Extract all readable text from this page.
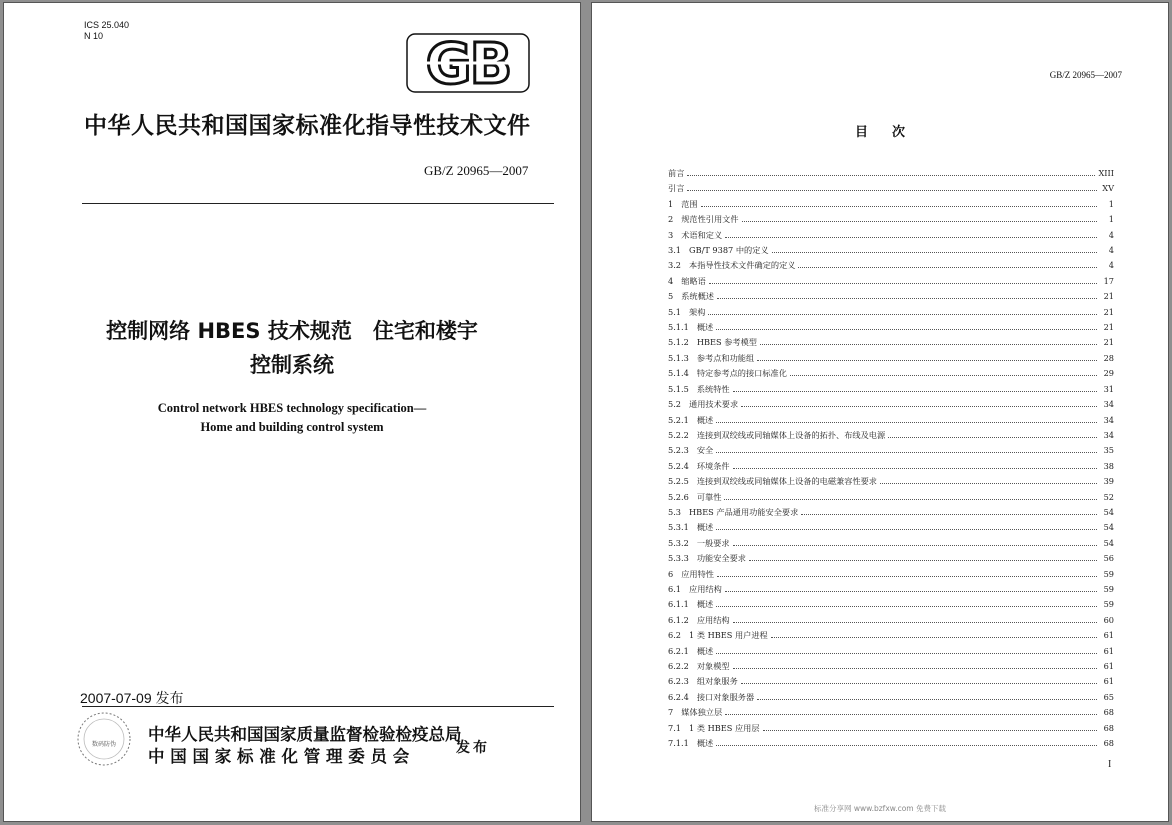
ICS 25.040
N 10	GB
中华人民共和国国家标准化指导性技术文件
GB/Z 20965—2007
控制网络 HBES 技术规范　住宅和楼宇
控制系统
Control network HBES technology specification—
Home and building control system
2007-07-09 发布
数码防伪
中华人民共和国国家质量监督检验检疫总局
中 国 国 家 标 准 化 管 理 委 员 会	发布
GB/Z 20965—2007
目 次
前言	XIII
引言	XV
1 范围	1
2 规范性引用文件	1
3 术语和定义	4
3.1 GB/T 9387 中的定义	4
3.2 本指导性技术文件确定的定义	4
4 缩略语	17
5 系统概述	21
5.1 架构	21
5.1.1 概述	21
5.1.2 HBES 参考模型	21
5.1.3 参考点和功能组	28
5.1.4 特定参考点的接口标准化	29
5.1.5 系统特性	31
5.2 通用技术要求	34
5.2.1 概述	34
5.2.2 连接到双绞线或同轴媒体上设备的拓扑、布线及电源	34
5.2.3 安全	35
5.2.4 环境条件	38
5.2.5 连接到双绞线或同轴媒体上设备的电磁兼容性要求	39
5.2.6 可靠性	52
5.3 HBES 产品通用功能安全要求	54
5.3.1 概述	54
5.3.2 一般要求	54
5.3.3 功能安全要求	56
6 应用特性	59
6.1 应用结构	59
6.1.1 概述	59
6.1.2 应用结构	60
6.2 1 类 HBES 用户进程	61
6.2.1 概述	61
6.2.2 对象模型	61
6.2.3 组对象服务	61
6.2.4 接口对象服务器	65
7 媒体独立层	68
7.1 1 类 HBES 应用层	68
7.1.1 概述	68
I
标准分享网 www.bzfxw.com 免费下载
